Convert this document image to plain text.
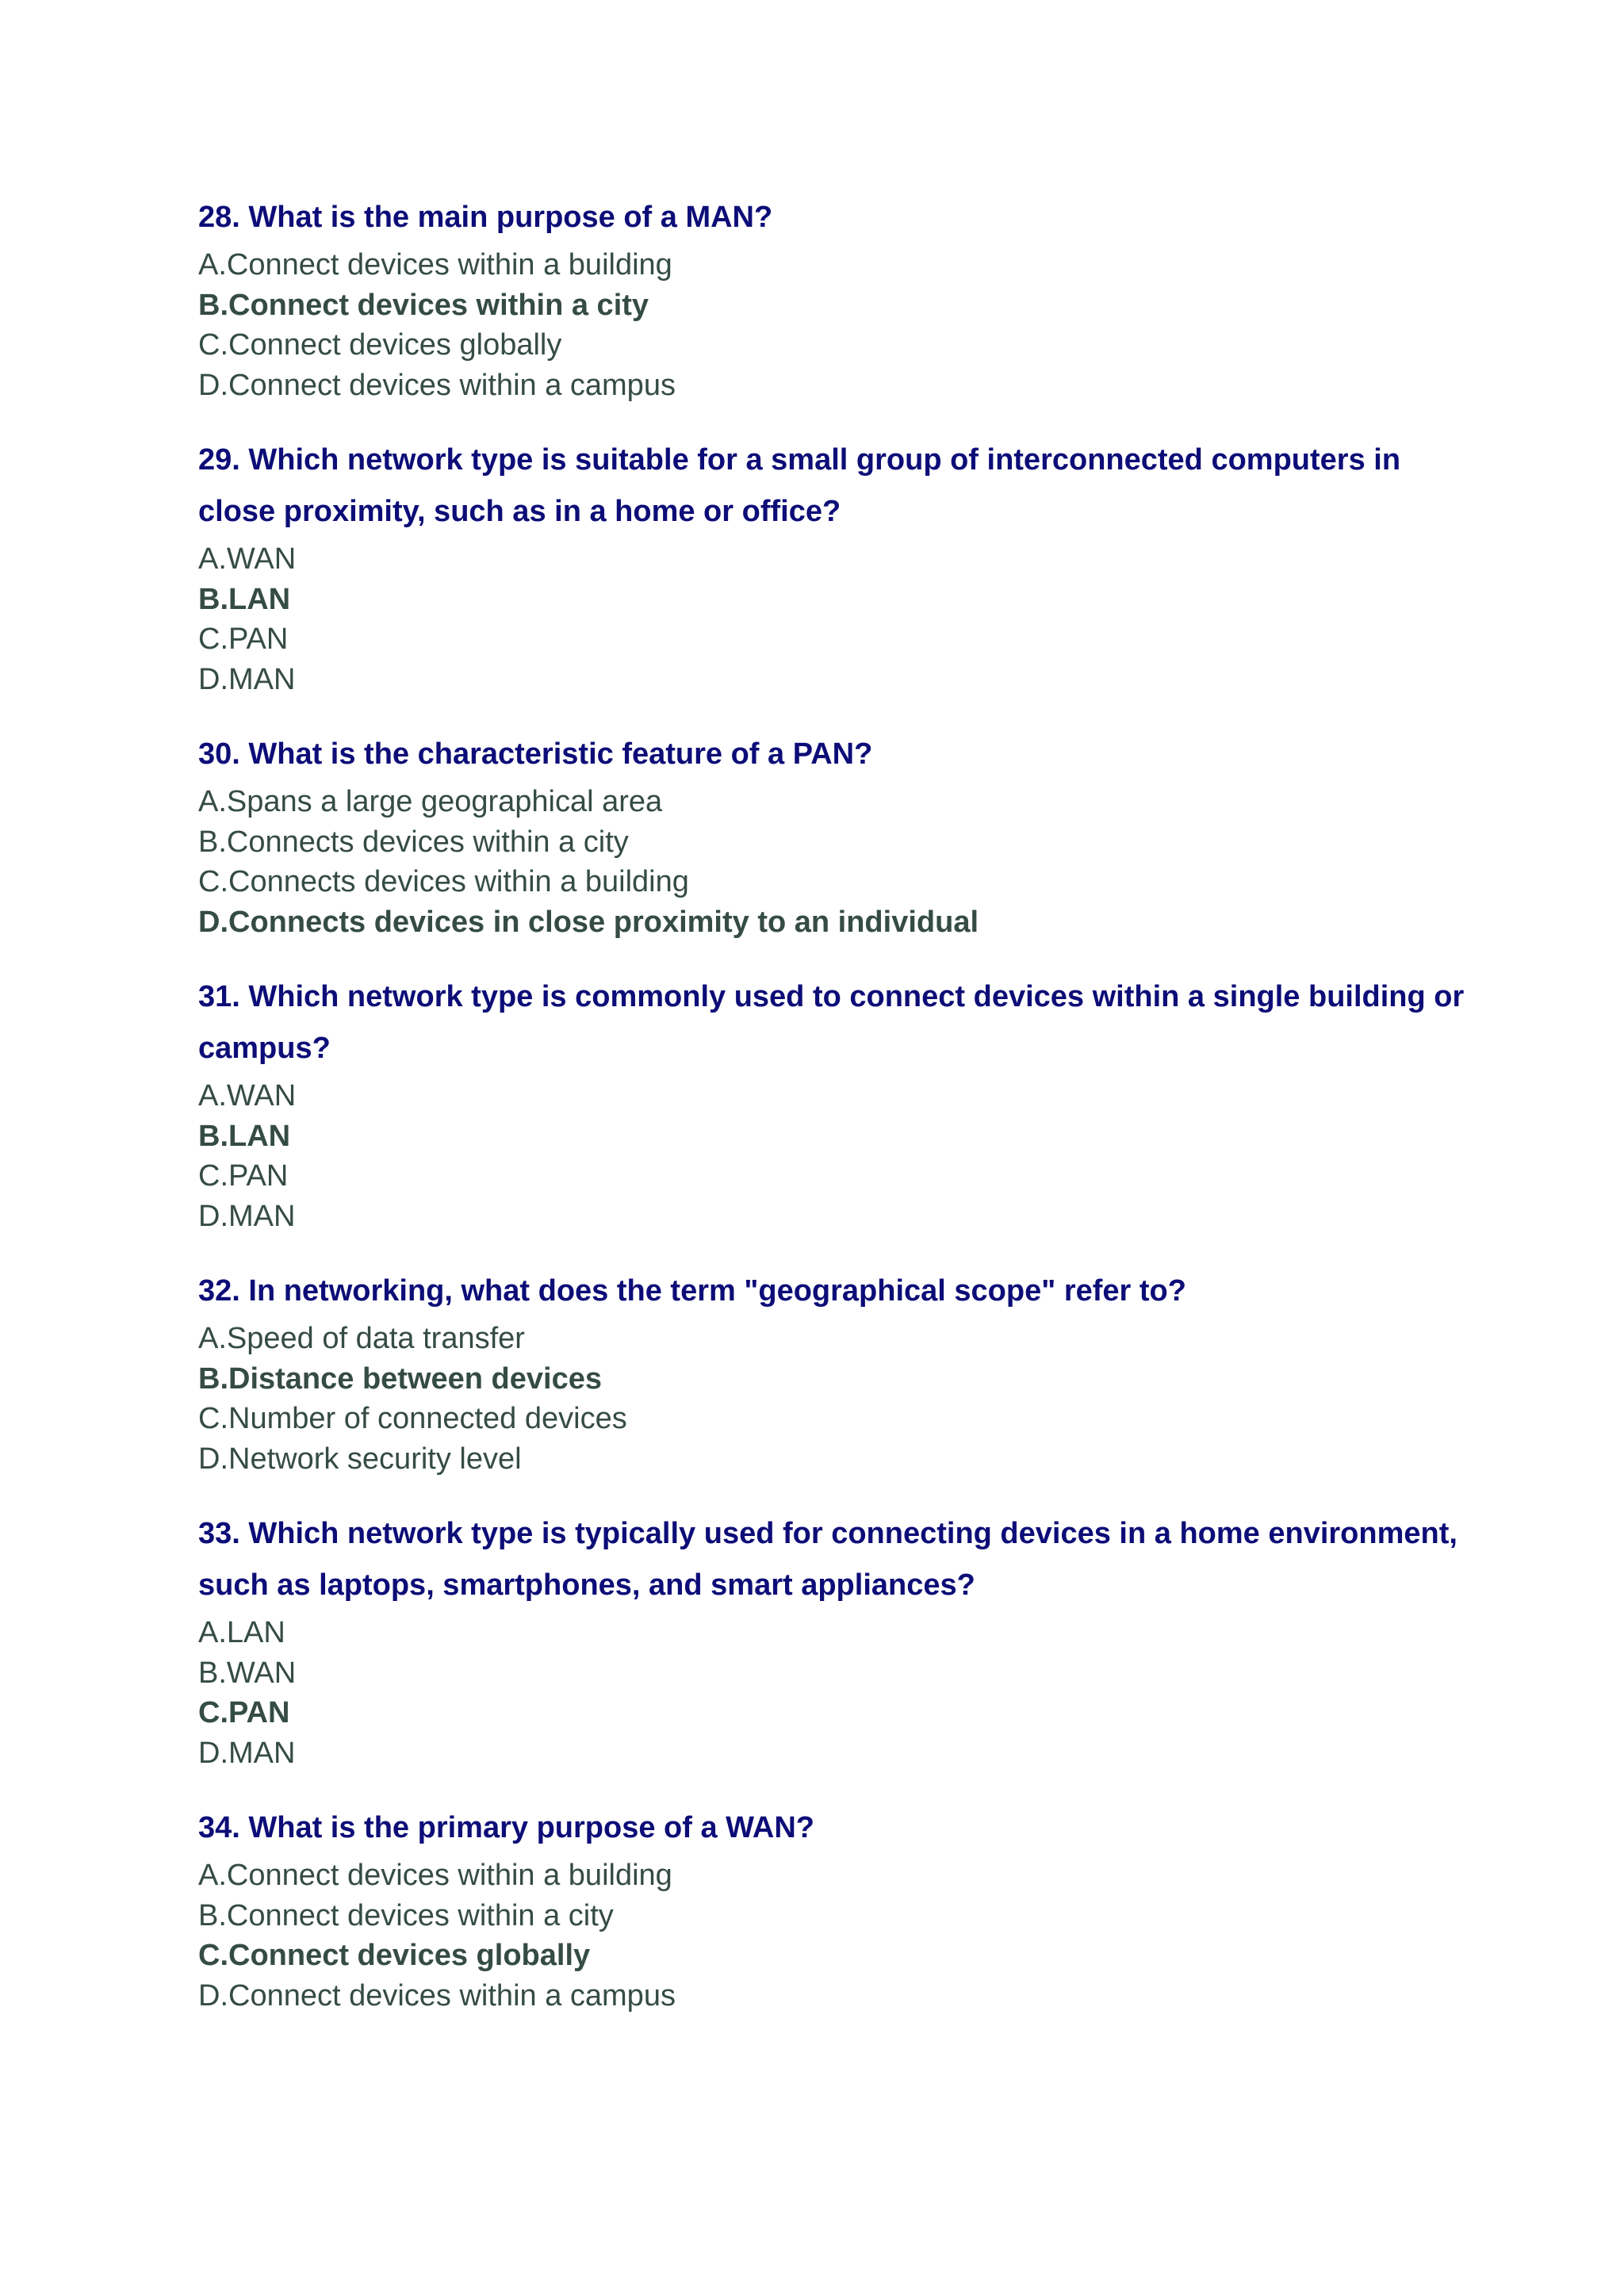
28. What is the main purpose of a MAN?
A.Connect devices within a building
B.Connect devices within a city
C.Connect devices globally
D.Connect devices within a campus
29. Which network type is suitable for a small group of interconnected computers in close proximity, such as in a home or office?
A.WAN
B.LAN
C.PAN
D.MAN
30. What is the characteristic feature of a PAN?
A.Spans a large geographical area
B.Connects devices within a city
C.Connects devices within a building
D.Connects devices in close proximity to an individual
31. Which network type is commonly used to connect devices within a single building or campus?
A.WAN
B.LAN
C.PAN
D.MAN
32. In networking, what does the term "geographical scope" refer to?
A.Speed of data transfer
B.Distance between devices
C.Number of connected devices
D.Network security level
33. Which network type is typically used for connecting devices in a home environment, such as laptops, smartphones, and smart appliances?
A.LAN
B.WAN
C.PAN
D.MAN
34. What is the primary purpose of a WAN?
A.Connect devices within a building
B.Connect devices within a city
C.Connect devices globally
D.Connect devices within a campus
